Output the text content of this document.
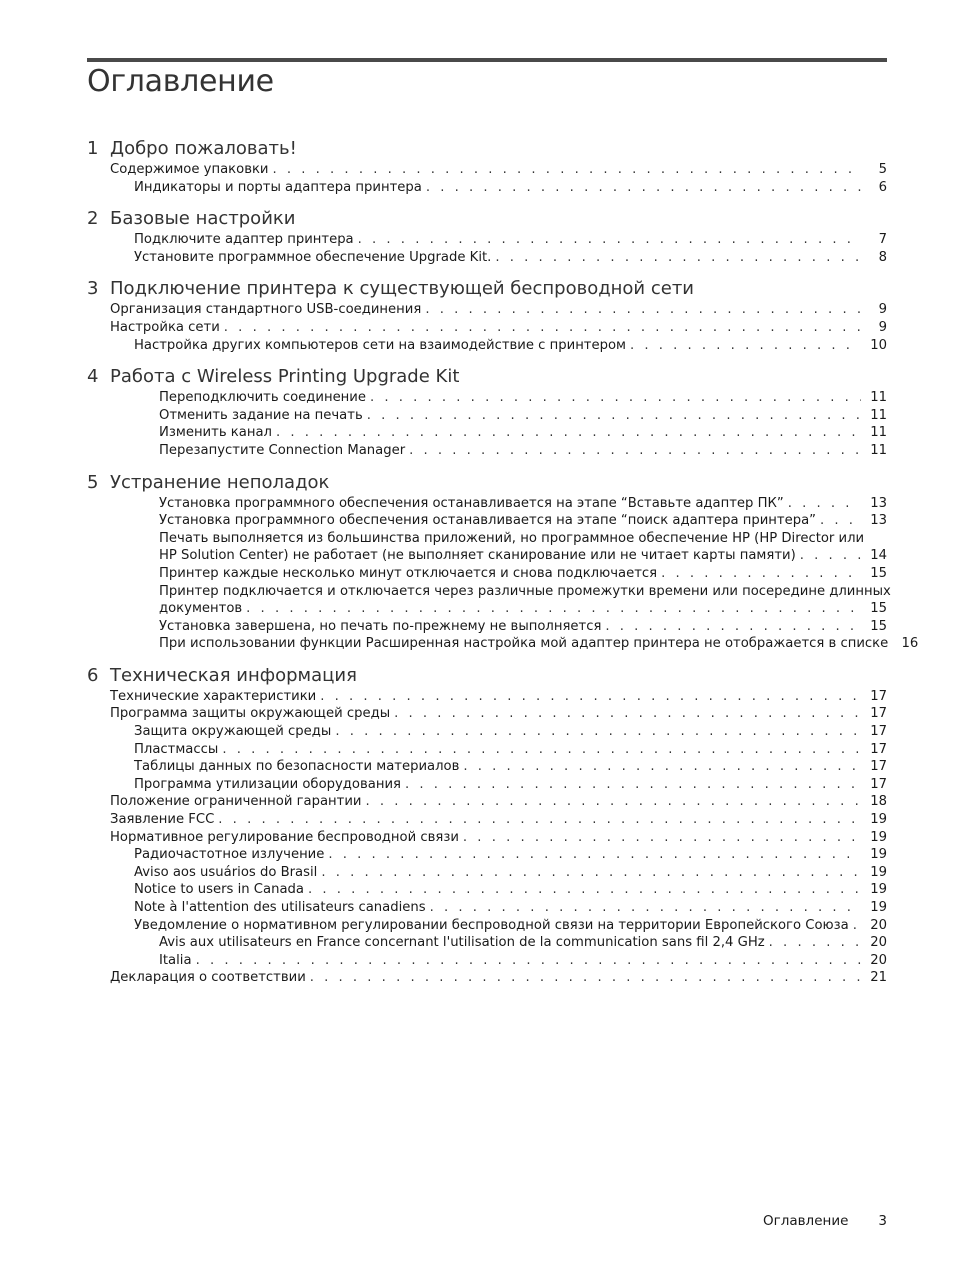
Оглавление
1 Добро пожаловать!
Содержимое упаковки . . .	5
Индикаторы и порты адаптера принтера . . .	6
2 Базовые настройки
Подключите адаптер принтера . . .	7
Установите программное обеспечение Upgrade Kit. . . .	8
3 Подключение принтера к существующей беспроводной сети
Организация стандартного USB-соединения . . .	9
Настройка сети . . .	9
Настройка других компьютеров сети на взаимодействие с принтером . . .	10
4 Работа с Wireless Printing Upgrade Kit
Переподключить соединение . . .	11
Отменить задание на печать . . .	11
Изменить канал . . .	11
Перезапустите Connection Manager . . .	11
5 Устранение неполадок
Установка программного обеспечения останавливается на этапе “Вставьте адаптер ПК” . . .	13
Установка программного обеспечения останавливается на этапе “поиск адаптера принтера” . . .	13
Печать выполняется из большинства приложений, но программное обеспечение HP (HP Director или
HP Solution Center) не работает (не выполняет сканирование или не читает карты памяти) . . .	14
Принтер каждые несколько минут отключается и снова подключается . . .	15
Принтер подключается и отключается через различные промежутки времени или посередине длинных
документов . . .	15
Установка завершена, но печать по-прежнему не выполняется . . .	15
При использовании функции Расширенная настройка мой адаптер принтера не отображается в списке	16
6 Техническая информация
Технические характеристики . . .	17
Программа защиты окружающей среды . . .	17
Защита окружающей среды . . .	17
Пластмассы . . .	17
Таблицы данных по безопасности материалов . . .	17
Программа утилизации оборудования . . .	17
Положение ограниченной гарантии . . .	18
Заявление FCC . . .	19
Нормативное регулирование беспроводной связи . . .	19
Радиочастотное излучение . . .	19
Aviso aos usuários do Brasil . . .	19
Notice to users in Canada . . .	19
Note à l'attention des utilisateurs canadiens . . .	19
Уведомление о нормативном регулировании беспроводной связи на территории Европейского Союза . . .	20
Avis aux utilisateurs en France concernant l'utilisation de la communication sans fil 2,4 GHz . . .	20
Italia . . .	20
Декларация о соответствии . . .	21
Оглавление 3
